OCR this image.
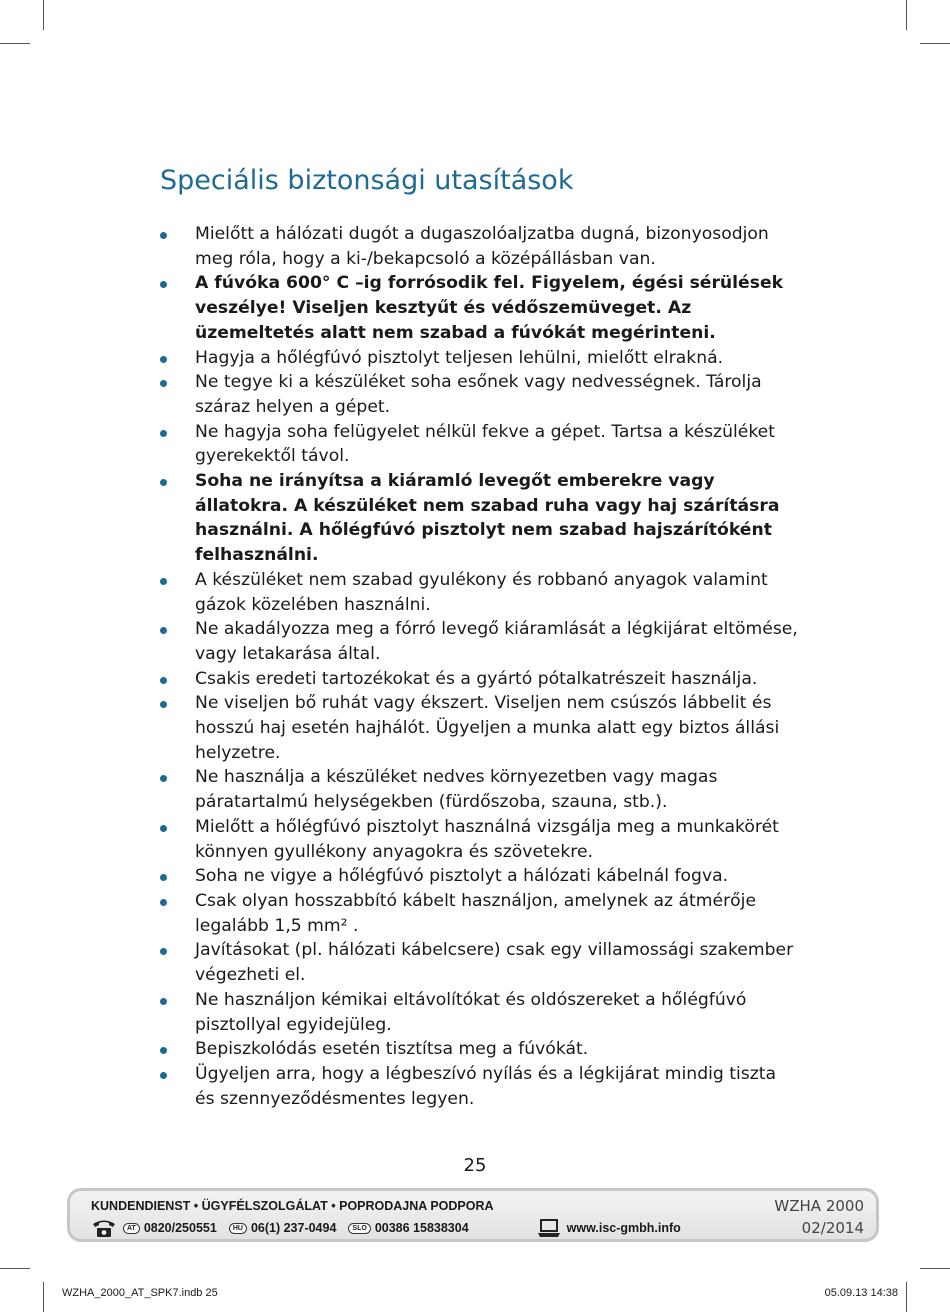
Speciális biztonsági utasítások
Mielőtt a hálózati dugót a dugaszolóaljzatba dugná, bizonyosodjon meg róla, hogy a ki-/bekapcsoló a középállásban van.
A fúvóka 600° C –ig forrósodik fel. Figyelem, égési sérülések veszélye! Viseljen kesztyűt és védőszemüveget. Az üzemeltetés alatt nem szabad a fúvókát megérinteni.
Hagyja a hőlégfúvó pisztolyt teljesen lehülni, mielőtt elrakná.
Ne tegye ki a készüléket soha esőnek vagy nedvességnek. Tárolja száraz helyen a gépet.
Ne hagyja soha felügyelet nélkül fekve a gépet. Tartsa a készüléket gyerekektől távol.
Soha ne irányítsa a kiáramló levegőt emberekre vagy állatokra. A készüléket nem szabad ruha vagy haj szárításra használni. A hőlégfúvó pisztolyt nem szabad hajszárítóként felhasználni.
A készüléket nem szabad gyulékony és robbanó anyagok valamint gázok közelében használni.
Ne akadályozza meg a fórró levegő kiáramlását a légkijárat eltömése, vagy letakarása által.
Csakis eredeti tartozékokat és a gyártó pótalkatrészeit használja.
Ne viseljen bő ruhát vagy ékszert. Viseljen nem csúszós lábbelit és hosszú haj esetén hajhálót. Ügyeljen a munka alatt egy biztos állási helyzetre.
Ne használja a készüléket nedves környezetben vagy magas páratartalmú helységekben (fürdőszoba, szauna, stb.).
Mielőtt a hőlégfúvó pisztolyt használná vizsgálja meg a munkakörét könnyen gyullékony anyagokra és szövetekre.
Soha ne vigye a hőlégfúvó pisztolyt a hálózati kábelnál fogva.
Csak olyan hosszabbító kábelt használjon, amelynek az átmérője legalább 1,5 mm² .
Javításokat (pl. hálózati kábelcsere) csak egy villamossági szakember végezheti el.
Ne használjon kémikai eltávolítókat és oldószereket a hőlégfúvó pisztollyal egyidejüleg.
Bepiszkolódás esetén tisztítsa meg a fúvókát.
Ügyeljen arra, hogy a légbeszívó nyílás és a légkijárat mindig tiszta és szennyeződésmentes legyen.
25
KUNDENDIENST • ÜGYFÉLSZOLGÁLAT • POPRODAJNA PODPORA
AT 0820/250551	HU 06(1) 237-0494	SLO 00386 15838304	www.isc-gmbh.info
WZHA 2000
02/2014
WZHA_2000_AT_SPK7.indb 25	05.09.13 14:38
